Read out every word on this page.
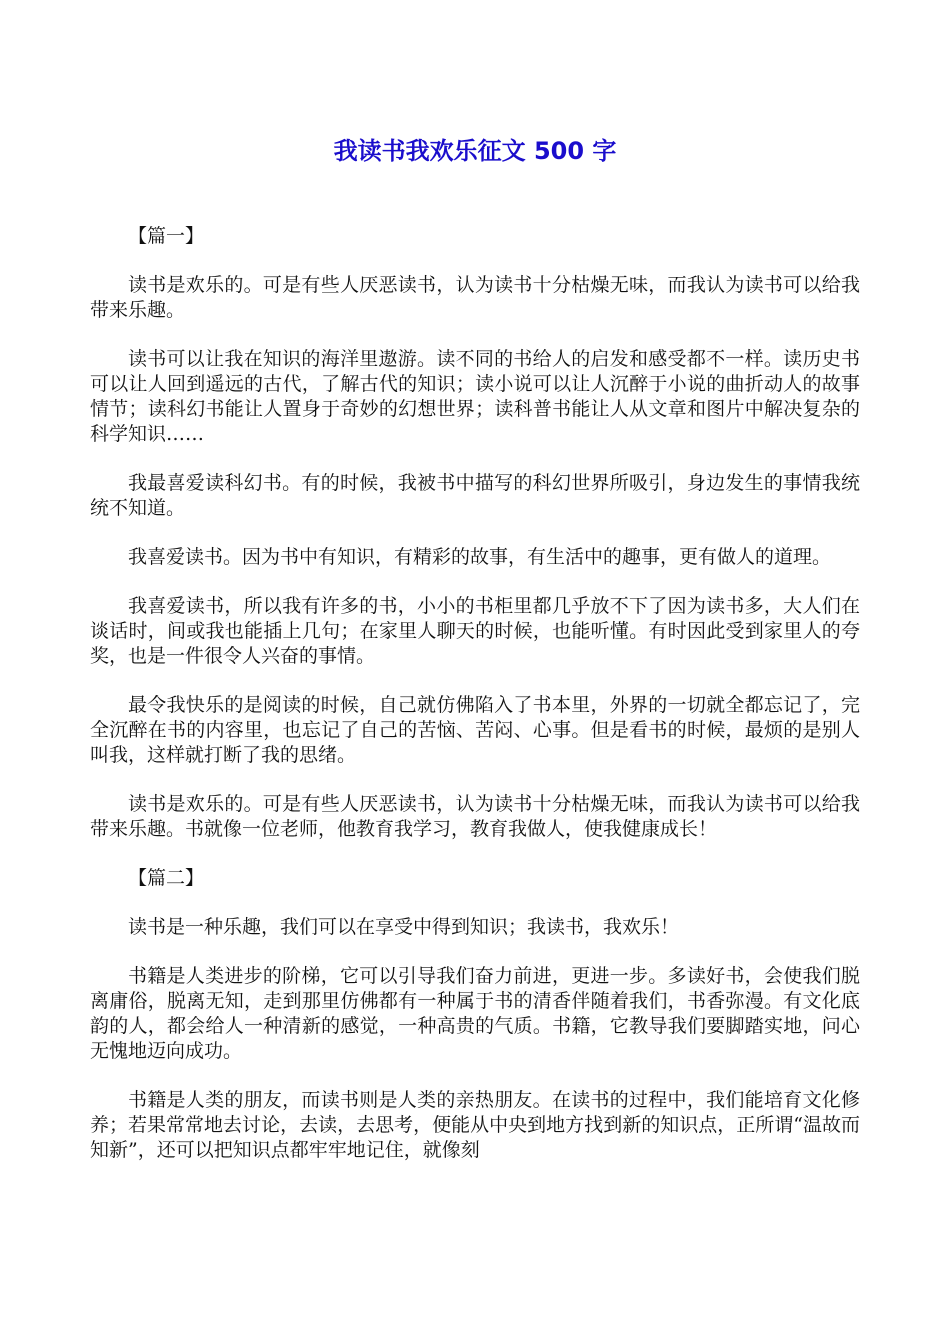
我读书我欢乐征文 500 字

【篇一】

读书是欢乐的。可是有些人厌恶读书，认为读书十分枯燥无味，而我认为读书可以给我带来乐趣。

读书可以让我在知识的海洋里遨游。读不同的书给人的启发和感受都不一样。读历史书可以让人回到遥远的古代，了解古代的知识；读小说可以让人沉醉于小说的曲折动人的故事情节；读科幻书能让人置身于奇妙的幻想世界；读科普书能让人从文章和图片中解决复杂的科学知识……

我最喜爱读科幻书。有的时候，我被书中描写的科幻世界所吸引，身边发生的事情我统统不知道。

我喜爱读书。因为书中有知识，有精彩的故事，有生活中的趣事，更有做人的道理。

我喜爱读书，所以我有许多的书，小小的书柜里都几乎放不下了因为读书多，大人们在谈话时，间或我也能插上几句；在家里人聊天的时候，也能听懂。有时因此受到家里人的夸奖，也是一件很令人兴奋的事情。

最令我快乐的是阅读的时候，自己就仿佛陷入了书本里，外界的一切就全都忘记了，完全沉醉在书的内容里，也忘记了自己的苦恼、苦闷、心事。但是看书的时候，最烦的是别人叫我，这样就打断了我的思绪。

读书是欢乐的。可是有些人厌恶读书，认为读书十分枯燥无味，而我认为读书可以给我带来乐趣。书就像一位老师，他教育我学习，教育我做人，使我健康成长！

【篇二】

读书是一种乐趣，我们可以在享受中得到知识；我读书，我欢乐！

书籍是人类进步的阶梯，它可以引导我们奋力前进，更进一步。多读好书，会使我们脱离庸俗，脱离无知，走到那里仿佛都有一种属于书的清香伴随着我们，书香弥漫。有文化底韵的人，都会给人一种清新的感觉，一种高贵的气质。书籍，它教导我们要脚踏实地，问心无愧地迈向成功。

书籍是人类的朋友，而读书则是人类的亲热朋友。在读书的过程中，我们能培育文化修养；若果常常地去讨论，去读，去思考，便能从中央到地方找到新的知识点，正所谓“温故而知新”，还可以把知识点都牢牢地记住，就像刻
